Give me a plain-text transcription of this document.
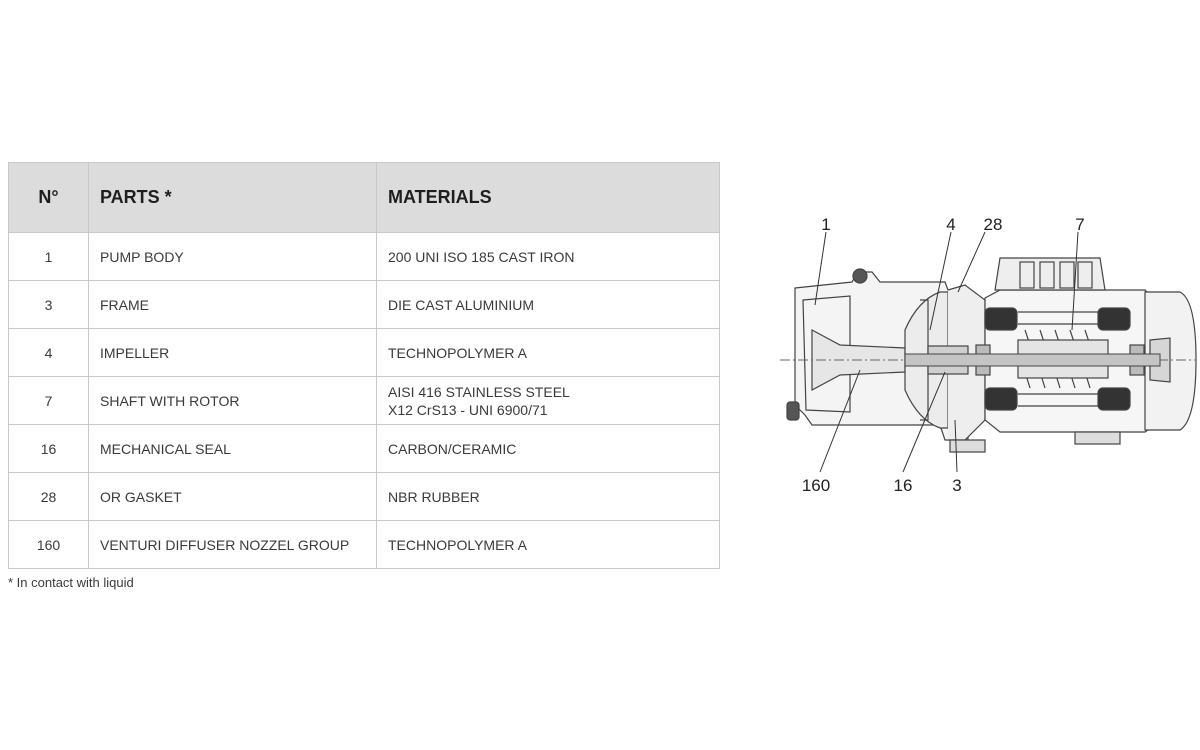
N°	PARTS *	MATERIALS
1	PUMP BODY	200 UNI ISO 185 CAST IRON

3	FRAME	DIE CAST ALUMINIUM

4	IMPELLER	TECHNOPOLYMER A

7	SHAFT WITH ROTOR	AISI 416 STAINLESS STEEL
X12 CrS13 - UNI 6900/71

16	MECHANICAL SEAL	CARBON/CERAMIC

28	OR GASKET	NBR RUBBER

160	VENTURI DIFFUSER NOZZEL GROUP	TECHNOPOLYMER A
* In contact with liquid
1	4 28	7
160	16 3
